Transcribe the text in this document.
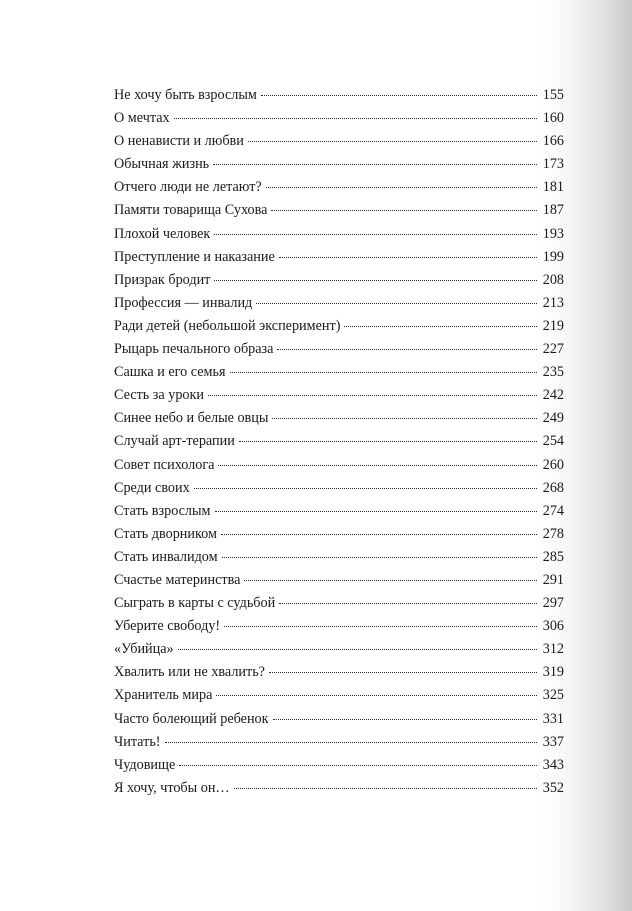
Не хочу быть взрослым	155
О мечтах	160
О ненависти и любви	166
Обычная жизнь	173
Отчего люди не летают?	181
Памяти товарища Сухова	187
Плохой человек	193
Преступление и наказание	199
Призрак бродит	208
Профессия — инвалид	213
Ради детей (небольшой эксперимент)	219
Рыцарь печального образа	227
Сашка и его семья	235
Сесть за уроки	242
Синее небо и белые овцы	249
Случай арт-терапии	254
Совет психолога	260
Среди своих	268
Стать взрослым	274
Стать дворником	278
Стать инвалидом	285
Счастье материнства	291
Сыграть в карты с судьбой	297
Уберите свободу!	306
«Убийца»	312
Хвалить или не хвалить?	319
Хранитель мира	325
Часто болеющий ребенок	331
Читать!	337
Чудовище	343
Я хочу, чтобы он…	352
